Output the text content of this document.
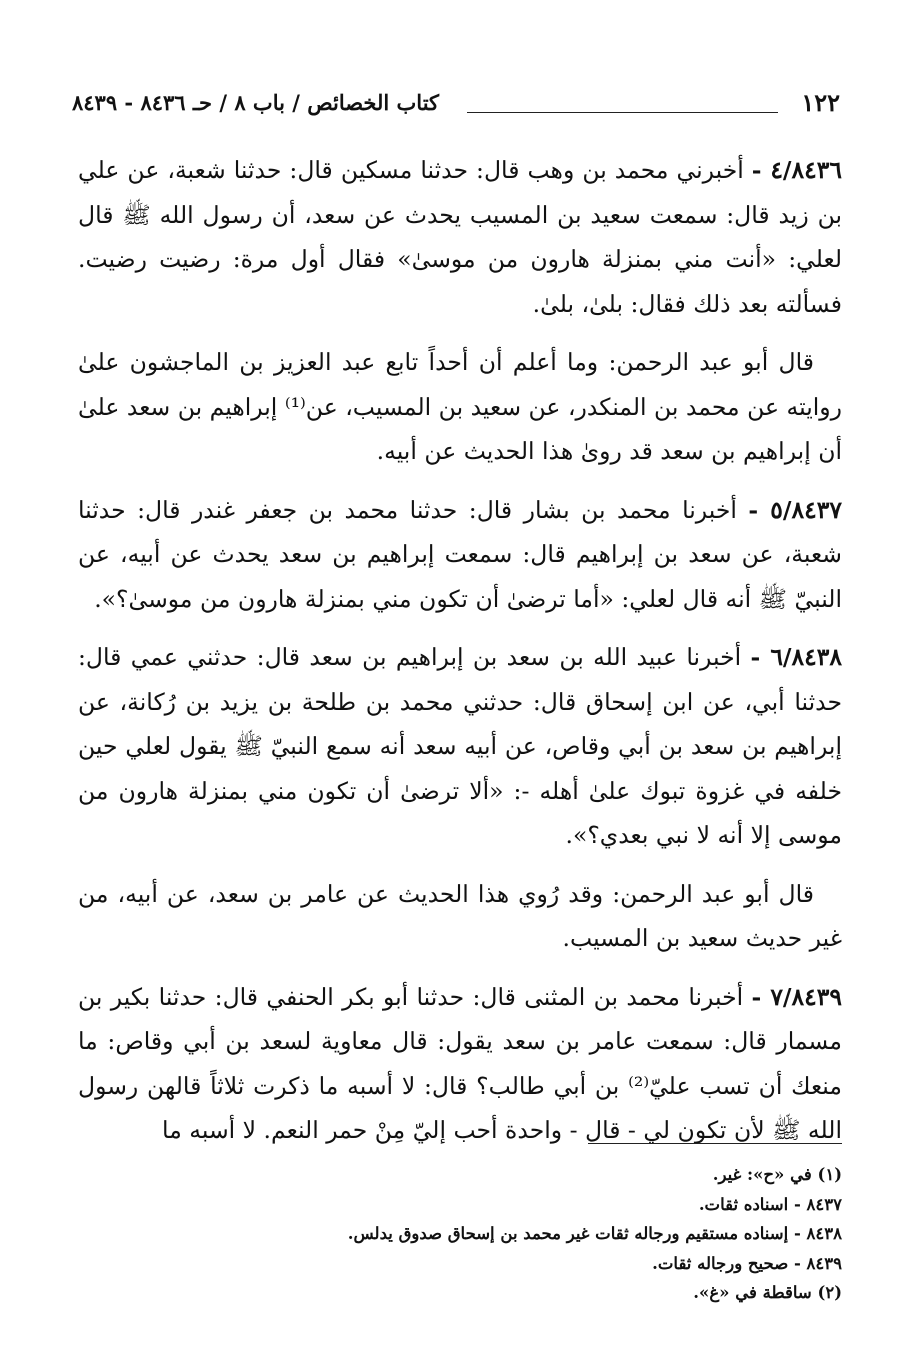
١٢٢
كتاب الخصائص / باب ٨ / حـ ٨٤٣٦ - ٨٤٣٩

٤/٨٤٣٦ - أخبرني محمد بن وهب قال: حدثنا مسكين قال: حدثنا شعبة، عن علي بن زيد قال: سمعت سعيد بن المسيب يحدث عن سعد، أن رسول الله ﷺ قال لعلي: «أنت مني بمنزلة هارون من موسىٰ» فقال أول مرة: رضيت رضيت. فسألته بعد ذلك فقال: بلىٰ، بلىٰ.

قال أبو عبد الرحمن: وما أعلم أن أحداً تابع عبد العزيز بن الماجشون علىٰ روايته عن محمد بن المنكدر، عن سعيد بن المسيب، عن⁽¹⁾ إبراهيم بن سعد علىٰ أن إبراهيم بن سعد قد روىٰ هذا الحديث عن أبيه.

٥/٨٤٣٧ - أخبرنا محمد بن بشار قال: حدثنا محمد بن جعفر غندر قال: حدثنا شعبة، عن سعد بن إبراهيم قال: سمعت إبراهيم بن سعد يحدث عن أبيه، عن النبيّ ﷺ أنه قال لعلي: «أما ترضىٰ أن تكون مني بمنزلة هارون من موسىٰ؟».

٦/٨٤٣٨ - أخبرنا عبيد الله بن سعد بن إبراهيم بن سعد قال: حدثني عمي قال: حدثنا أبي، عن ابن إسحاق قال: حدثني محمد بن طلحة بن يزيد بن رُكانة، عن إبراهيم بن سعد بن أبي وقاص، عن أبيه سعد أنه سمع النبيّ ﷺ يقول لعلي حين خلفه في غزوة تبوك علىٰ أهله -: «ألا ترضىٰ أن تكون مني بمنزلة هارون من موسى إلا أنه لا نبي بعدي؟».

قال أبو عبد الرحمن: وقد رُوي هذا الحديث عن عامر بن سعد، عن أبيه، من غير حديث سعيد بن المسيب.

٧/٨٤٣٩ - أخبرنا محمد بن المثنى قال: حدثنا أبو بكر الحنفي قال: حدثنا بكير بن مسمار قال: سمعت عامر بن سعد يقول: قال معاوية لسعد بن أبي وقاص: ما منعك أن تسب عليّ⁽²⁾ بن أبي طالب؟ قال: لا أسبه ما ذكرت ثلاثاً قالهن رسول الله ﷺ لأن تكون لي - قال - واحدة أحب إليّ مِنْ حمر النعم. لا أسبه ما

(١) في «ح»: غير.

٨٤٣٧ - اسناده ثقات.

٨٤٣٨ - إسناده مستقيم ورجاله ثقات غير محمد بن إسحاق صدوق يدلس.

٨٤٣٩ - صحيح ورجاله ثقات.

(٢) ساقطة في «غ».
